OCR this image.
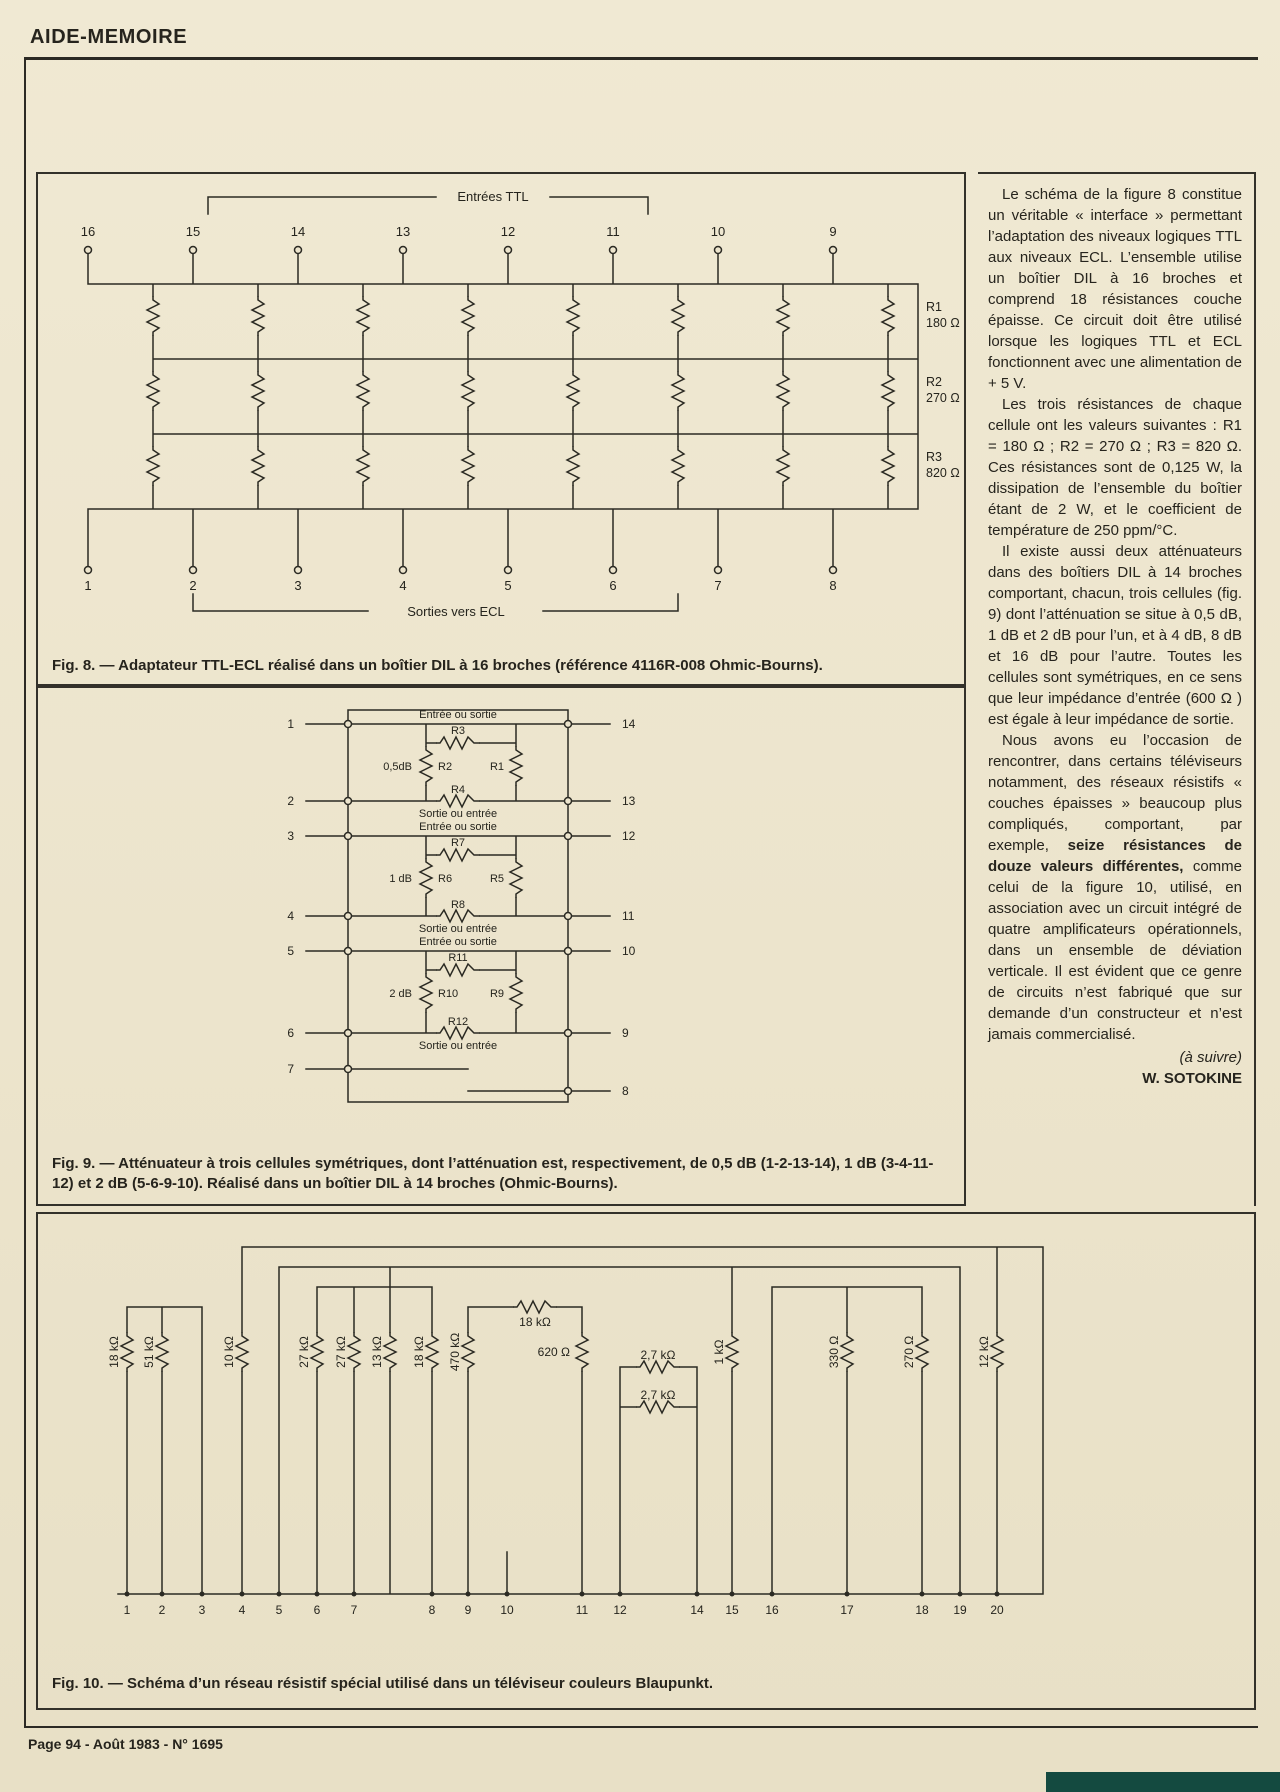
AIDE-MEMOIRE
Entrées TTL
Sorties vers ECL
16	15	14	13	12	11	10	9
1	2	3	4	5	6	7	8
R1
180 Ω
R2
270 Ω
R3
820 Ω
Fig. 8. — Adaptateur TTL-ECL réalisé dans un boîtier DIL à 16 broches (référence 4116R-008 Ohmic-Bourns).

Le schéma de la figure 8 constitue un véritable « interface » permettant l’adaptation des niveaux logiques TTL aux niveaux ECL. L’ensemble utilise un boîtier DIL à 16 broches et comprend 18 résistances couche épaisse. Ce circuit doit être utilisé lorsque les logiques TTL et ECL fonctionnent avec une alimentation de + 5 V.

Les trois résistances de chaque cellule ont les valeurs suivantes : R1 = 180 Ω ; R2 = 270 Ω ; R3 = 820 Ω. Ces résistances sont de 0,125 W, la dissipation de l’ensemble du boîtier étant de 2 W, et le coefficient de température de 250 ppm/°C.

Il existe aussi deux atténuateurs dans des boîtiers DIL à 14 broches comportant, chacun, trois cellules (fig. 9) dont l’atténuation se situe à 0,5 dB, 1 dB et 2 dB pour l’un, et à 4 dB, 8 dB et 16 dB pour l’autre. Toutes les cellules sont symétriques, en ce sens que leur impédance d’entrée (600 Ω ) est égale à leur impédance de sortie.

Nous avons eu l’occasion de rencontrer, dans certains téléviseurs notamment, des réseaux résistifs « couches épaisses » beaucoup plus compliqués, comportant, par exemple, seize résistances de douze valeurs différentes, comme celui de la figure 10, utilisé, en association avec un circuit intégré de quatre amplificateurs opérationnels, dans un ensemble de déviation verticale. Il est évident que ce genre de circuits n’est fabriqué que sur demande d’un constructeur et n’est jamais commercialisé.

(à suivre)

W. SOTOKINE

1
2
3
4
5
6
7
14
13
12
11
10
9
8
Entrée ou sortie
R3
0,5dB R2	R1
R4
Sortie ou entrée
Entrée ou sortie
R7
1 dB R6	R5
R8
Sortie ou entrée
Entrée ou sortie
R11
2 dB R10	R9
R12
Sortie ou entrée
Fig. 9. — Atténuateur à trois cellules symétriques, dont l’atténuation est, respectivement, de 0,5 dB (1-2-13-14), 1 dB (3-4-11-12) et 2 dB (5-6-9-10). Réalisé dans un boîtier DIL à 14 broches (Ohmic-Bourns).
18 kΩ 51 kΩ	10 kΩ	27 kΩ 27 kΩ 13 kΩ 18 kΩ 470 kΩ
18 kΩ
620 Ω	2,7 kΩ
2,7 kΩ
1 kΩ	330 Ω	270 Ω	12 kΩ
1 2	3	4	5	6	7	8 9 10	11 12	14 15 16	17	18 19 20
Fig. 10. — Schéma d’un réseau résistif spécial utilisé dans un téléviseur couleurs Blaupunkt.
Page 94 - Août 1983 - N° 1695
